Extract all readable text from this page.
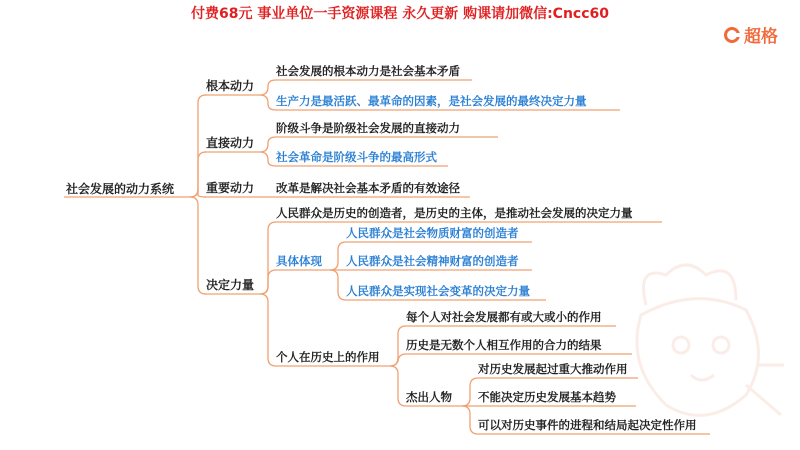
付费68元 事业单位一手资源课程 永久更新 购课请加微信:Cncc60
超格
社会发展的动力系统
根本动力
直接动力
重要动力
决定力量
社会发展的根本动力是社会基本矛盾
生产力是最活跃、最革命的因素，是社会发展的最终决定力量
阶级斗争是阶级社会发展的直接动力
社会革命是阶级斗争的最高形式
改革是解决社会基本矛盾的有效途径
人民群众是历史的创造者，是历史的主体，是推动社会发展的决定力量
具体体现
人民群众是社会物质财富的创造者
人民群众是社会精神财富的创造者
人民群众是实现社会变革的决定力量
个人在历史上的作用
每个人对社会发展都有或大或小的作用
历史是无数个人相互作用的合力的结果
杰出人物
对历史发展起过重大推动作用
不能决定历史发展基本趋势
可以对历史事件的进程和结局起决定性作用
